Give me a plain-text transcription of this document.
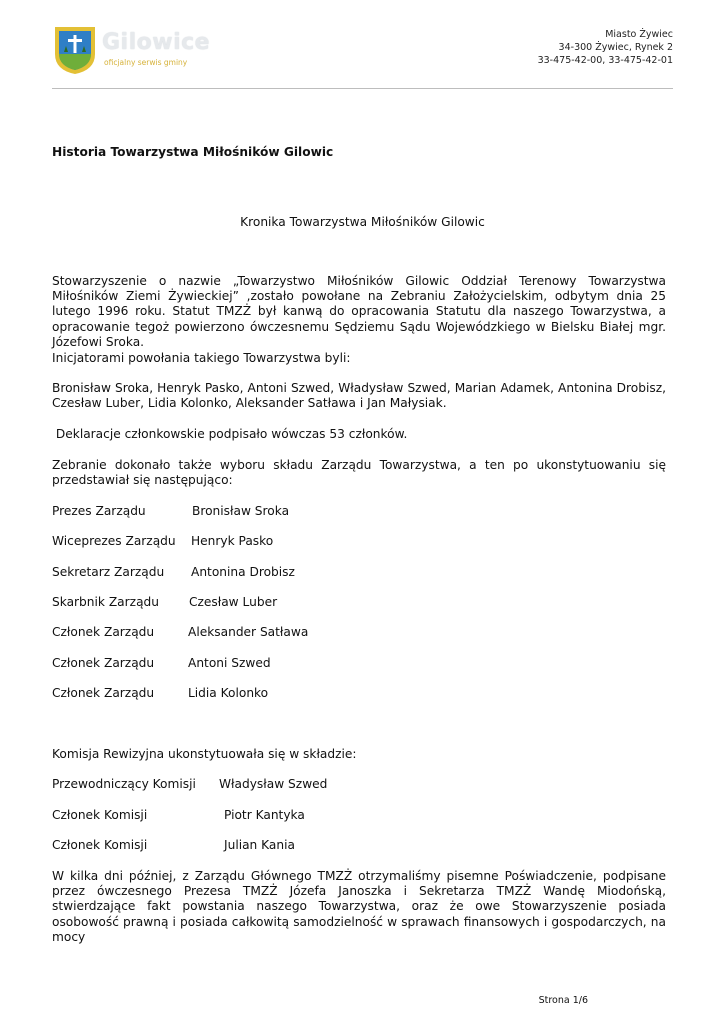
Gilowice
oficjalny serwis gminy
Miasto Żywiec
34-300 Żywiec, Rynek 2
33-475-42-00, 33-475-42-01
Historia Towarzystwa Miłośników Gilowic
Kronika Towarzystwa Miłośników Gilowic
Stowarzyszenie o nazwie „Towarzystwo Miłośników Gilowic Oddział Terenowy Towarzystwa Miłośników Ziemi Żywieckiej” ,zostało powołane na Zebraniu Założycielskim, odbytym dnia 25 lutego 1996 roku. Statut TMZŻ był kanwą do opracowania Statutu dla naszego Towarzystwa, a opracowanie tegoż powierzono ówczesnemu Sędziemu Sądu Wojewódzkiego w Bielsku Białej mgr. Józefowi Sroka.
Inicjatorami powołania takiego Towarzystwa byli:
Bronisław Sroka, Henryk Pasko, Antoni Szwed, Władysław Szwed, Marian Adamek, Antonina Drobisz, Czesław Luber, Lidia Kolonko, Aleksander Satława i Jan Małysiak.
Deklaracje członkowskie podpisało wówczas 53 członków.
Zebranie dokonało także wyboru składu Zarządu Towarzystwa, a ten po ukonstytuowaniu się przedstawiał się następująco:
Prezes Zarządu	Bronisław Sroka
Wiceprezes Zarządu Henryk Pasko
Sekretarz Zarządu Antonina Drobisz
Skarbnik Zarządu Czesław Luber
Członek Zarządu	Aleksander Satława
Członek Zarządu	Antoni Szwed
Członek Zarządu	Lidia Kolonko
Komisja Rewizyjna ukonstytuowała się w składzie:
Przewodniczący Komisji Władysław Szwed
Członek Komisji	Piotr Kantyka
Członek Komisji	Julian Kania
W kilka dni później, z Zarządu Głównego TMZŻ otrzymaliśmy pisemne Poświadczenie, podpisane przez ówczesnego Prezesa TMZŻ Józefa Janoszka i Sekretarza TMZŻ Wandę Miodońską, stwierdzające fakt powstania naszego Towarzystwa, oraz że owe Stowarzyszenie posiada osobowość prawną i posiada całkowitą samodzielność w sprawach finansowych i gospodarczych, na mocy
Strona 1/6
